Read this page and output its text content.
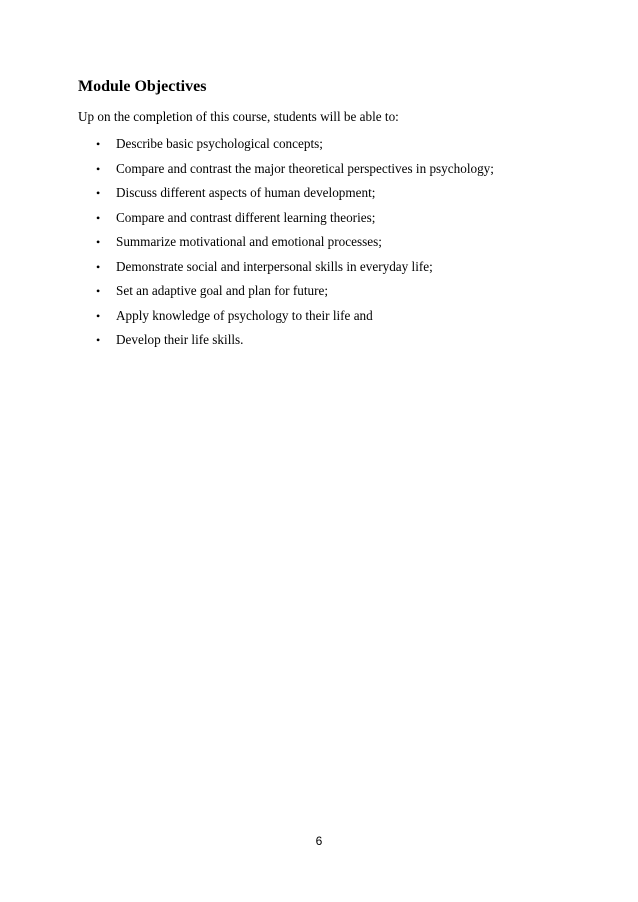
Module Objectives
Up on the completion of this course, students will be able to:
• Describe basic psychological concepts;
• Compare and contrast the major theoretical perspectives in psychology;
• Discuss different aspects of human development;
• Compare and contrast different learning theories;
• Summarize motivational and emotional processes;
• Demonstrate social and interpersonal skills in everyday life;
• Set an adaptive goal and plan for future;
• Apply knowledge of psychology to their life and
• Develop their life skills.
6
